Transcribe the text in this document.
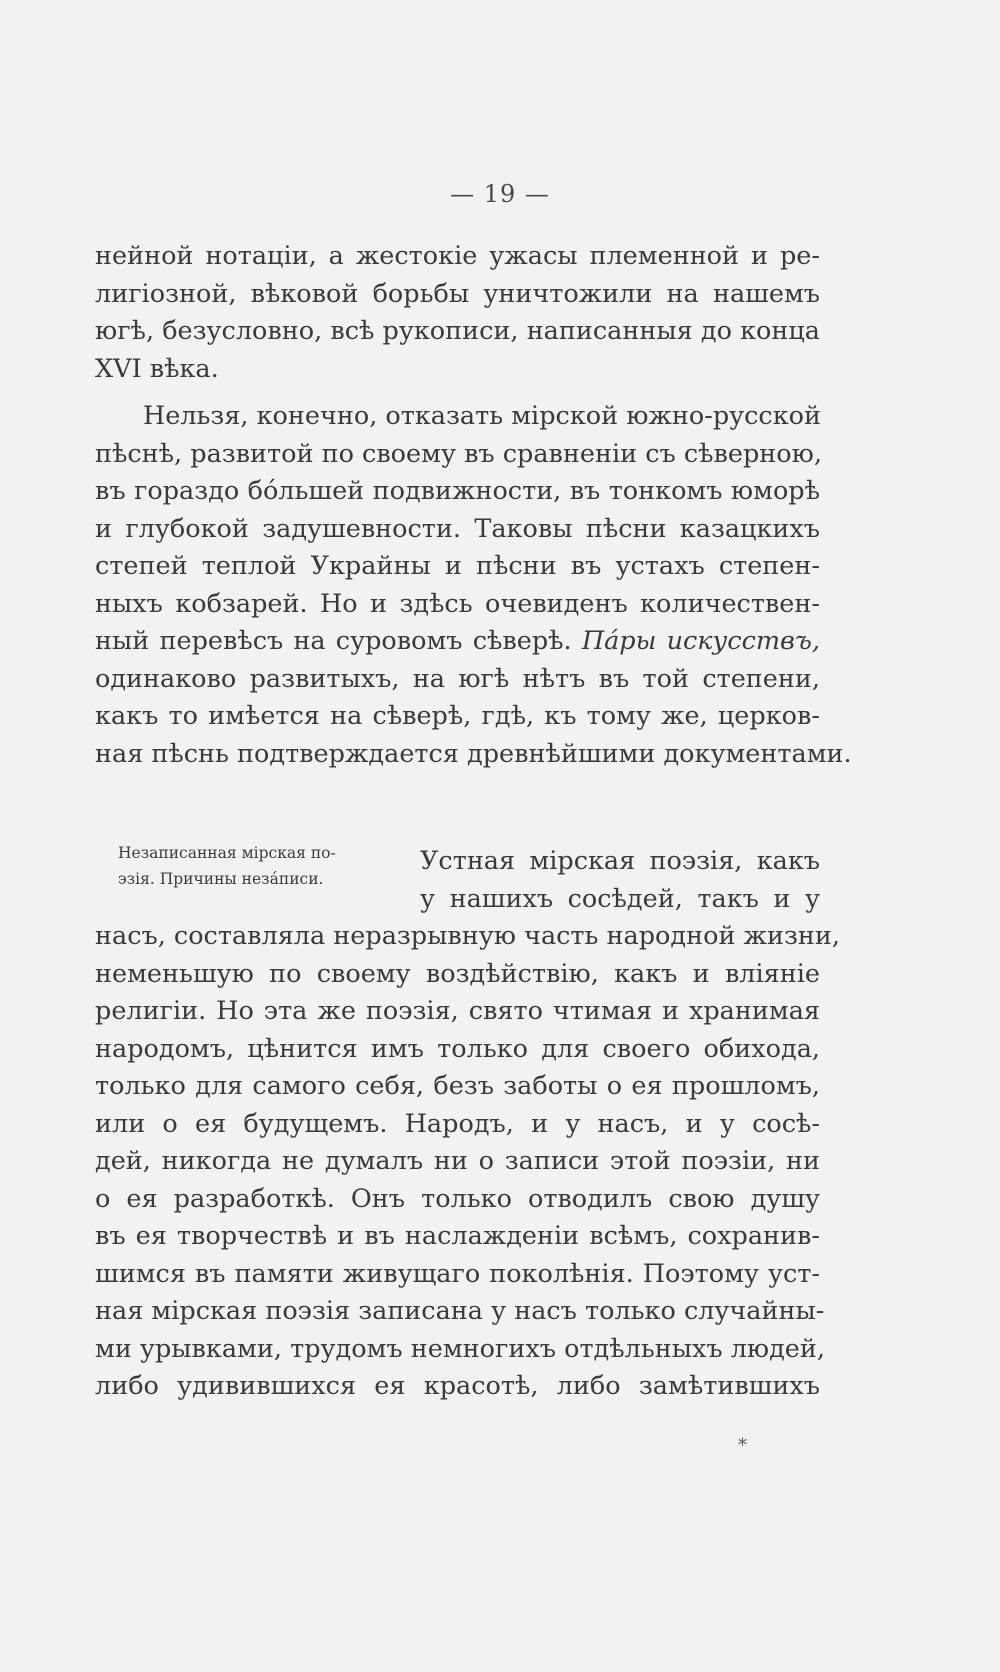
— 19 —
нейной нотаціи, а жестокіе ужасы племенной и ре-
лигіозной, вѣковой борьбы уничтожили на нашемъ
югѣ, безусловно, всѣ рукописи, написанныя до конца
XVI вѣка.
Нельзя, конечно, отказать мірской южно-русской
пѣснѣ, развитой по своему въ сравненіи съ сѣверною,
въ гораздо бóльшей подвижности, въ тонкомъ юморѣ
и глубокой задушевности. Таковы пѣсни казацкихъ
степей теплой Украйны и пѣсни въ устахъ степен-
ныхъ кобзарей. Но и здѣсь очевиденъ количествен-
ный перевѣсъ на суровомъ сѣверѣ. Пáры искусствъ,
одинаково развитыхъ, на югѣ нѣтъ въ той степени,
какъ то имѣется на сѣверѣ, гдѣ, къ тому же, церков-
ная пѣснь подтверждается древнѣйшими документами.
Незаписанная мірская по-
эзія. Причины незáписи.
Устная мірская поэзія, какъ
у нашихъ сосѣдей, такъ и у
насъ, составляла неразрывную часть народной жизни,
неменьшую по своему воздѣйствію, какъ и вліяніе
религіи. Но эта же поэзія, свято чтимая и хранимая
народомъ, цѣнится имъ только для своего обихода,
только для самого себя, безъ заботы о ея прошломъ,
или о ея будущемъ. Народъ, и у насъ, и у сосѣ-
дей, никогда не думалъ ни о записи этой поэзіи, ни
о ея разработкѣ. Онъ только отводилъ свою душу
въ ея творчествѣ и въ наслажденіи всѣмъ, сохранив-
шимся въ памяти живущаго поколѣнія. Поэтому уст-
ная мірская поэзія записана у насъ только случайны-
ми урывками, трудомъ немногихъ отдѣльныхъ людей,
либо удивившихся ея красотѣ, либо замѣтившихъ
*
